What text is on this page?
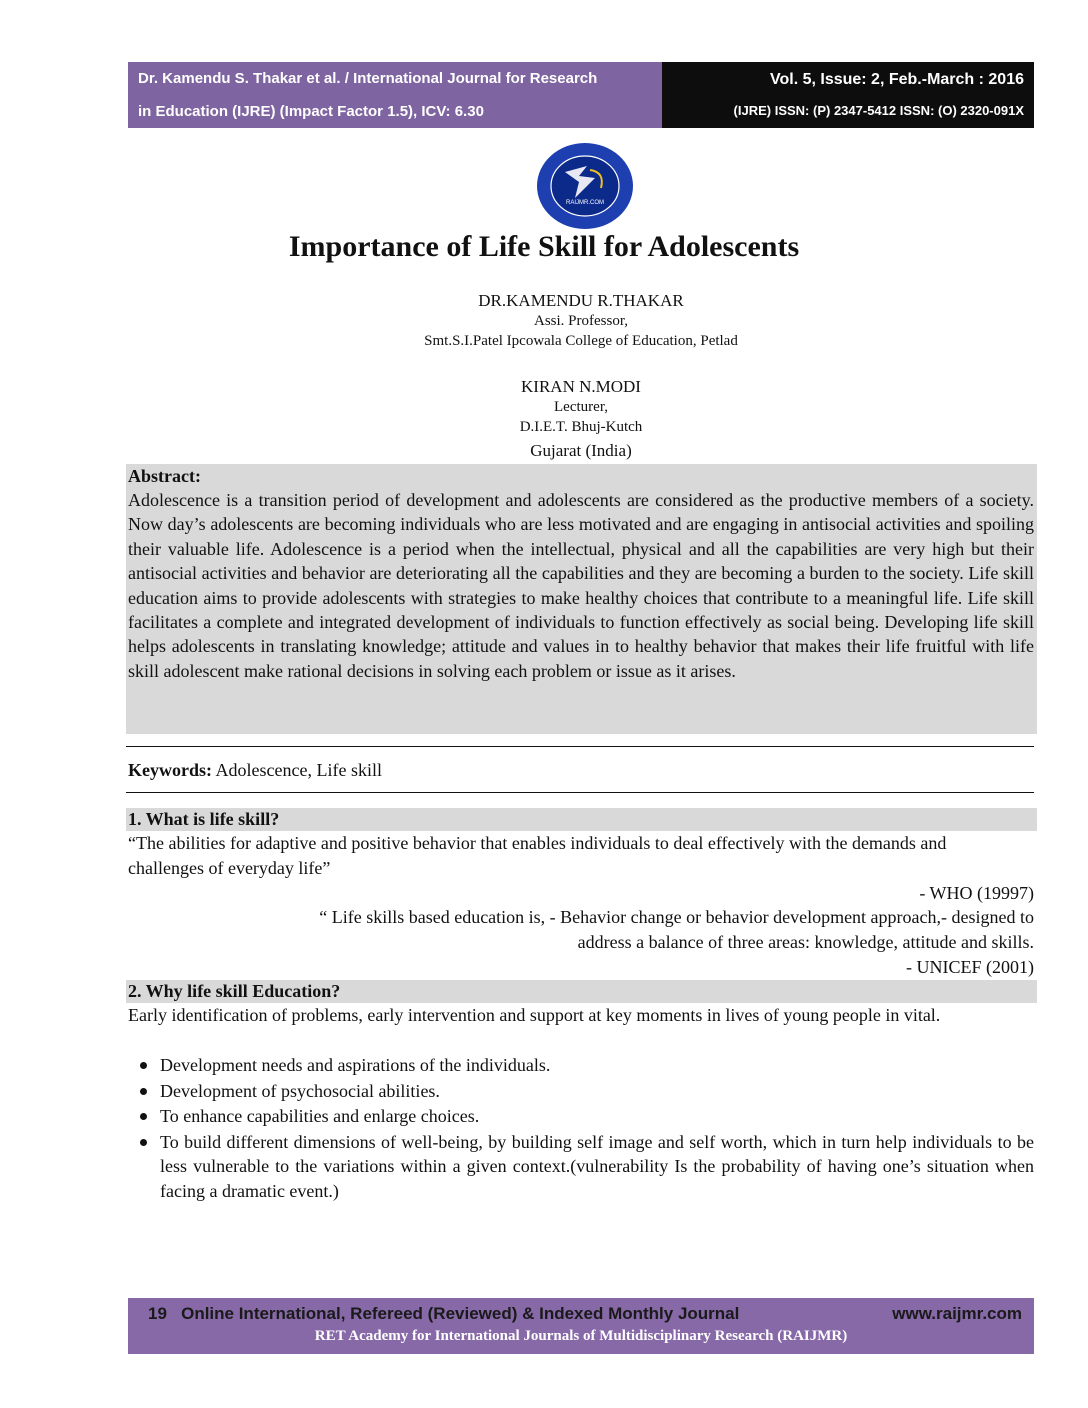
Dr. Kamendu S. Thakar et al. / International Journal for Research
in Education (IJRE) (Impact Factor 1.5), ICV: 6.30
Vol. 5, Issue: 2, Feb.-March : 2016
(IJRE) ISSN: (P) 2347-5412 ISSN: (O) 2320-091X
RAIJMR.COM
Importance of Life Skill for Adolescents
DR.KAMENDU R.THAKAR
Assi. Professor,
Smt.S.I.Patel Ipcowala College of Education, Petlad
KIRAN N.MODI
Lecturer,
D.I.E.T. Bhuj-Kutch
Gujarat (India)
Abstract:
Adolescence is a transition period of development and adolescents are considered as the productive members of a society. Now day’s adolescents are becoming individuals who are less motivated and are engaging in antisocial activities and spoiling their valuable life. Adolescence is a period when the intellectual, physical and all the capabilities are very high but their antisocial activities and behavior are deteriorating all the capabilities and they are becoming a burden to the society. Life skill education aims to provide adolescents with strategies to make healthy choices that contribute to a meaningful life. Life skill facilitates a complete and integrated development of individuals to function effectively as social being. Developing life skill helps adolescents in translating knowledge; attitude and values in to healthy behavior that makes their life fruitful with life skill adolescent make rational decisions in solving each problem or issue as it arises.
Keywords: Adolescence, Life skill
1. What is life skill?
“The abilities for adaptive and positive behavior that enables individuals to deal effectively with the demands and challenges of everyday life”
- WHO (19997)
“ Life skills based education is, - Behavior change or behavior development approach,- designed to
address a balance of three areas: knowledge, attitude and skills.
- UNICEF (2001)
2. Why life skill Education?
Early identification of problems, early intervention and support at key moments in lives of young people in vital.
Development needs and aspirations of the individuals.
Development of psychosocial abilities.
To enhance capabilities and enlarge choices.
To build different dimensions of well-being, by building self image and self worth, which in turn help individuals to be less vulnerable to the variations within a given context.(vulnerability Is the probability of having one’s situation when facing a dramatic event.)
19 Online International, Refereed (Reviewed) & Indexed Monthly Journal	www.raijmr.com
RET Academy for International Journals of Multidisciplinary Research (RAIJMR)
